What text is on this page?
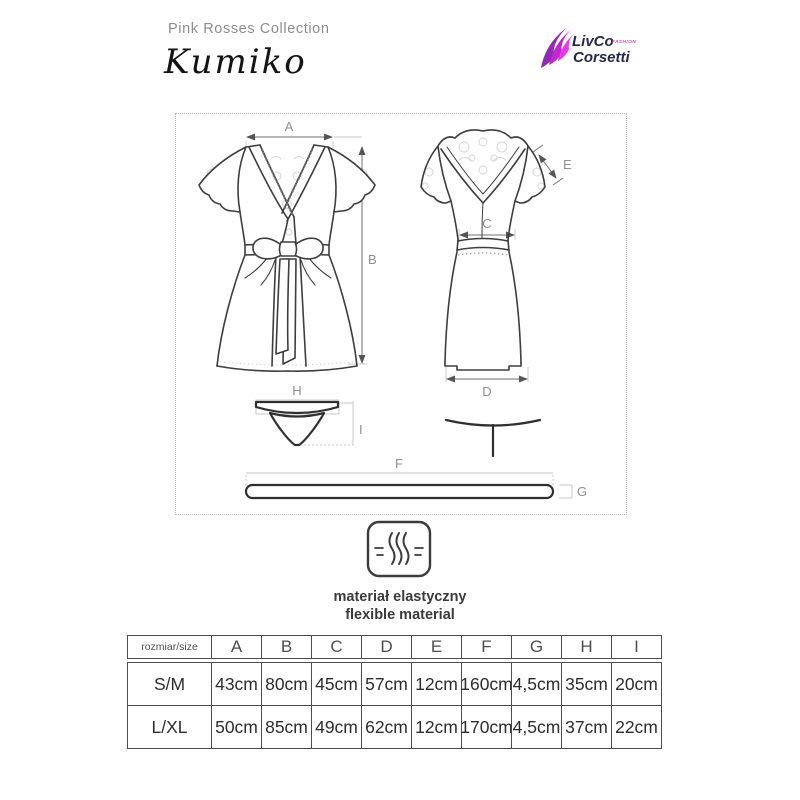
Pink Rosses Collection
Kumiko
LivCo
FASHION
Corsetti
A
B
C
D
E
F
G
H
I
materiał elastyczny
flexible material
rozmiar/size	A	B	C	D	E	F	G	H	I
S/M	43cm 80cm 45cm 57cm 12cm 160cm 4,5cm 35cm 20cm
L/XL	50cm 85cm 49cm 62cm 12cm 170cm 4,5cm 37cm 22cm
